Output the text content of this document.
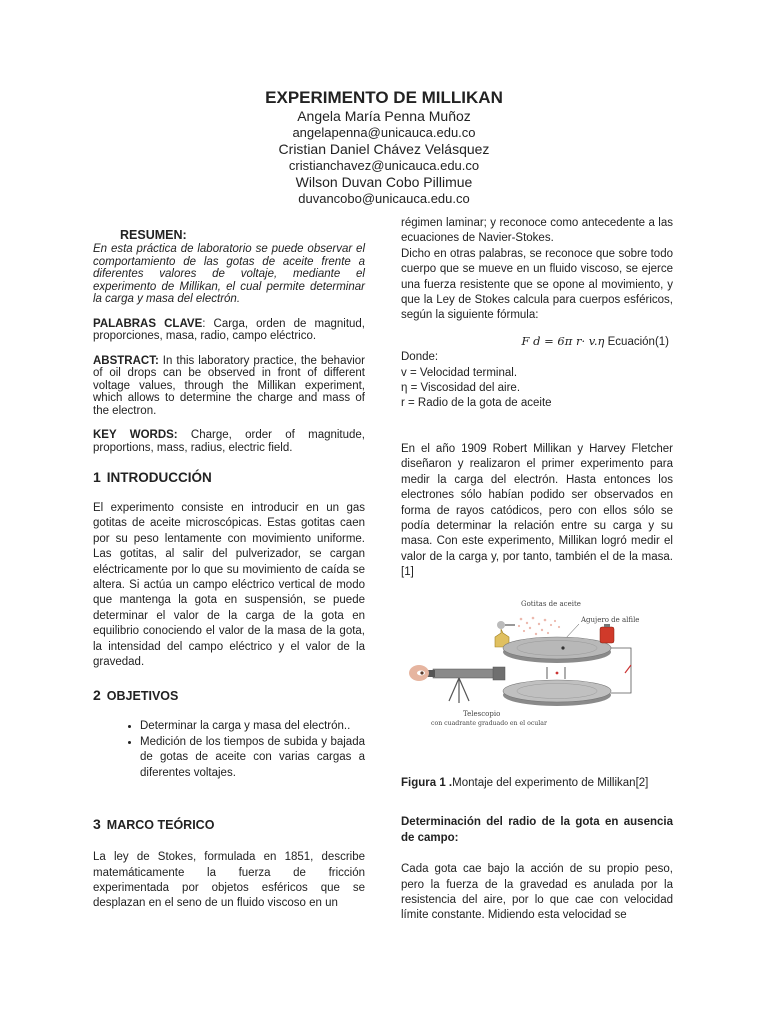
EXPERIMENTO DE MILLIKAN

Angela María Penna Muñoz
angelapenna@unicauca.edu.co
Cristian Daniel Chávez Velásquez
cristianchavez@unicauca.edu.co
Wilson Duvan Cobo Pillimue
duvancobo@unicauca.edu.co

RESUMEN:

En esta práctica de laboratorio se puede observar el comportamiento de las gotas de aceite frente a diferentes valores de voltaje, mediante el experimento de Millikan, el cual permite determinar la carga y masa del electrón.

PALABRAS CLAVE: Carga, orden de magnitud, proporciones, masa, radio, campo eléctrico.

ABSTRACT: In this laboratory practice, the behavior of oil drops can be observed in front of different voltage values, through the Millikan experiment, which allows to determine the charge and mass of the electron.

KEY WORDS: Charge, order of magnitude, proportions, mass, radius, electric field.

1 INTRODUCCIÓN

El experimento consiste en introducir en un gas gotitas de aceite microscópicas. Estas gotitas caen por su peso lentamente con movimiento uniforme. Las gotitas, al salir del pulverizador, se cargan eléctricamente por lo que su movimiento de caída se altera. Si actúa un campo eléctrico vertical de modo que mantenga la gota en suspensión, se puede determinar el valor de la carga de la gota en equilibrio conociendo el valor de la masa de la gota, la intensidad del campo eléctrico y el valor de la gravedad.

2 OBJETIVOS

• Determinar la carga y masa del electrón..
• Medición de los tiempos de subida y bajada de gotas de aceite con varias cargas a diferentes voltajes.

3 MARCO TEÓRICO

La ley de Stokes, formulada en 1851, describe matemáticamente la fuerza de fricción experimentada por objetos esféricos que se desplazan en el seno de un fluido viscoso en un

régimen laminar; y reconoce como antecedente a las ecuaciones de Navier-Stokes.

Dicho en otras palabras, se reconoce que sobre todo cuerpo que se mueve en un fluido viscoso, se ejerce una fuerza resistente que se opone al movimiento, y que la Ley de Stokes calcula para cuerpos esféricos, según la siguiente fórmula:

F d = 6π r· v.η Ecuación(1)

Donde:

v = Velocidad terminal.

η = Viscosidad del aire.

r = Radio de la gota de aceite

En el año 1909 Robert Millikan y Harvey Fletcher diseñaron y realizaron el primer experimento para medir la carga del electrón. Hasta entonces los electrones sólo habían podido ser observados en forma de rayos catódicos, pero con ellos sólo se podía determinar la relación entre su carga y su masa. Con este experimento, Millikan logró medir el valor de la carga y, por tanto, también el de la masa.[1]

Gotitas de aceite
Agujero de alfiler
Telescopio
con cuadrante graduado en el ocular

Figura 1 .Montaje del experimento de Millikan[2]

Determinación del radio de la gota en ausencia de campo:

Cada gota cae bajo la acción de su propio peso, pero la fuerza de la gravedad es anulada por la resistencia del aire, por lo que cae con velocidad límite constante. Midiendo esta velocidad se
